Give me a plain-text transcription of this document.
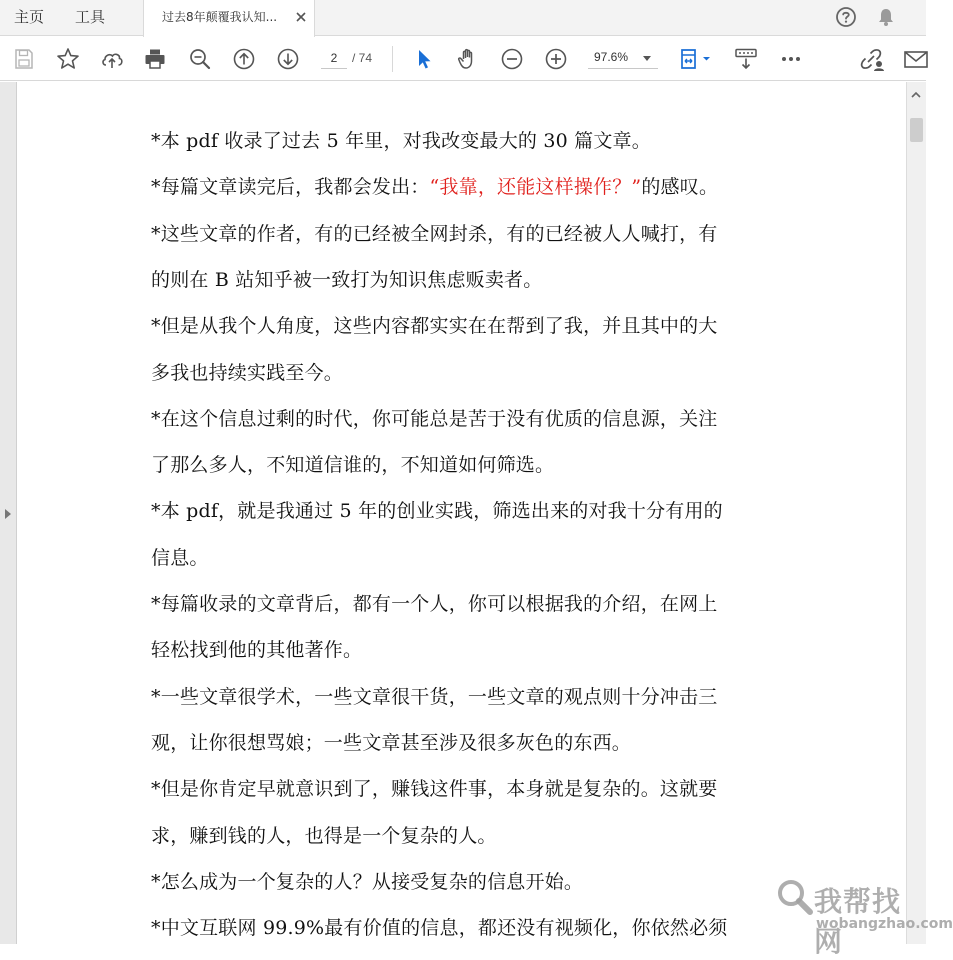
主页 工具	过去8年颠覆我认知...
2
/ 74	97.6%
*本 pdf 收录了过去 5 年里，对我改变最大的 30 篇文章。
*每篇文章读完后，我都会发出：“我靠，还能这样操作？”的感叹。
*这些文章的作者，有的已经被全网封杀，有的已经被人人喊打，有
的则在 B 站知乎被一致打为知识焦虑贩卖者。
*但是从我个人角度，这些内容都实实在在帮到了我，并且其中的大
多我也持续实践至今。
*在这个信息过剩的时代，你可能总是苦于没有优质的信息源，关注
了那么多人，不知道信谁的，不知道如何筛选。
*本 pdf，就是我通过 5 年的创业实践，筛选出来的对我十分有用的
信息。
*每篇收录的文章背后，都有一个人，你可以根据我的介绍，在网上
轻松找到他的其他著作。
*一些文章很学术，一些文章很干货，一些文章的观点则十分冲击三
观，让你很想骂娘；一些文章甚至涉及很多灰色的东西。
*但是你肯定早就意识到了，赚钱这件事，本身就是复杂的。这就要
求，赚到钱的人，也得是一个复杂的人。
*怎么成为一个复杂的人？从接受复杂的信息开始。
*中文互联网 99.9%最有价值的信息，都还没有视频化，你依然必须
我帮找网
wobangzhao.com
